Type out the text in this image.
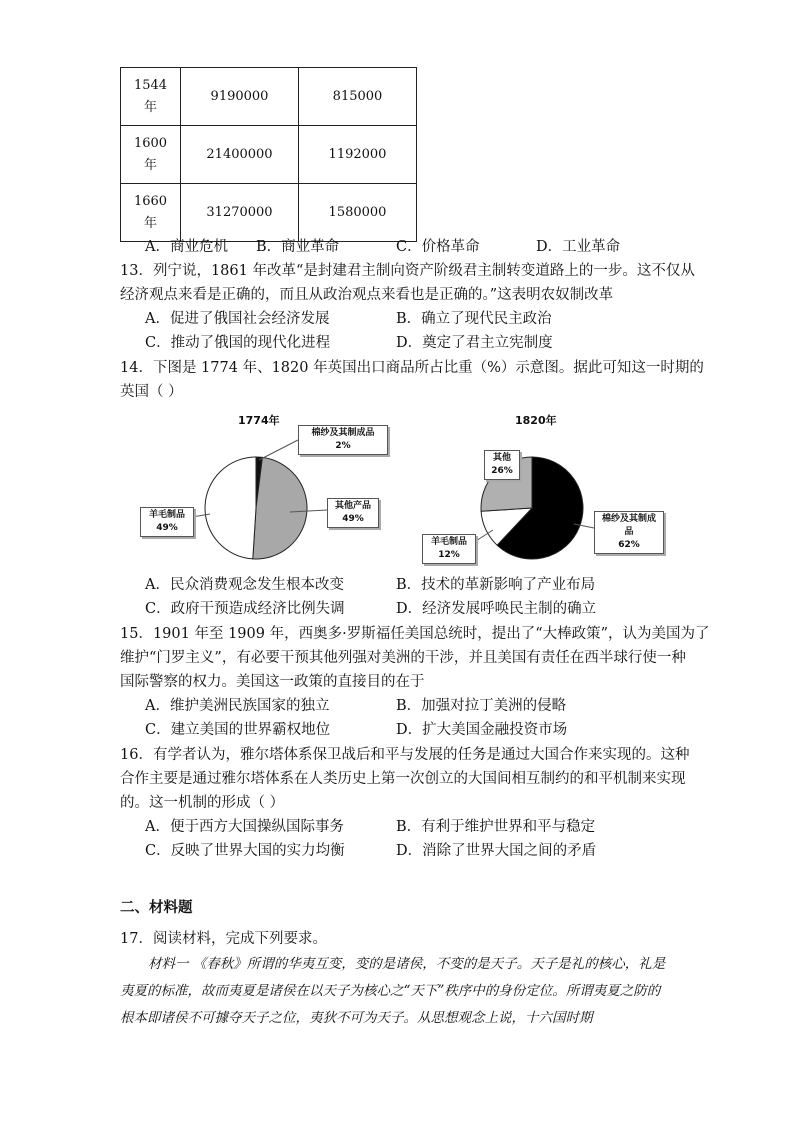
1544
年	9190000	815000
1600
年	21400000	1192000
1660
年	31270000	1580000
A．商业危机 B．商业革命	C．价格革命	D．工业革命
13．列宁说，1861 年改革“是封建君主制向资产阶级君主制转变道路上的一步。这不仅从
经济观点来看是正确的，而且从政治观点来看也是正确的。”这表明农奴制改革
A．促进了俄国社会经济发展	B．确立了现代民主政治
C．推动了俄国的现代化进程	D．奠定了君主立宪制度
14．下图是 1774 年、1820 年英国出口商品所占比重（%）示意图。据此可知这一时期的
英国（ ）
1774年	1820年
棉纱及其制成品
2%
其他产品
49%
羊毛制品
49%
其他
26%
棉纱及其制成品
62%
羊毛制品
12%
A．民众消费观念发生根本改变	B．技术的革新影响了产业布局
C．政府干预造成经济比例失调	D．经济发展呼唤民主制的确立
15．1901 年至 1909 年，西奥多·罗斯福任美国总统时，提出了“大棒政策”，认为美国为了
维护“门罗主义”，有必要干预其他列强对美洲的干涉，并且美国有责任在西半球行使一种
国际警察的权力。美国这一政策的直接目的在于
A．维护美洲民族国家的独立	B．加强对拉丁美洲的侵略
C．建立美国的世界霸权地位	D．扩大美国金融投资市场
16．有学者认为，雅尔塔体系保卫战后和平与发展的任务是通过大国合作来实现的。这种
合作主要是通过雅尔塔体系在人类历史上第一次创立的大国间相互制约的和平机制来实现
的。这一机制的形成（ ）
A．便于西方大国操纵国际事务	B．有利于维护世界和平与稳定
C．反映了世界大国的实力均衡	D．消除了世界大国之间的矛盾
二、材料题
17．阅读材料，完成下列要求。
材料一 《春秋》所谓的华夷互变，变的是诸侯，不变的是天子。天子是礼的核心，礼是夷夏的标准，故而夷夏是诸侯在以天子为核心之“天下”秩序中的身份定位。所谓夷夏之防的根本即诸侯不可據夺天子之位，夷狄不可为天子。从思想观念上说，十六国时期
